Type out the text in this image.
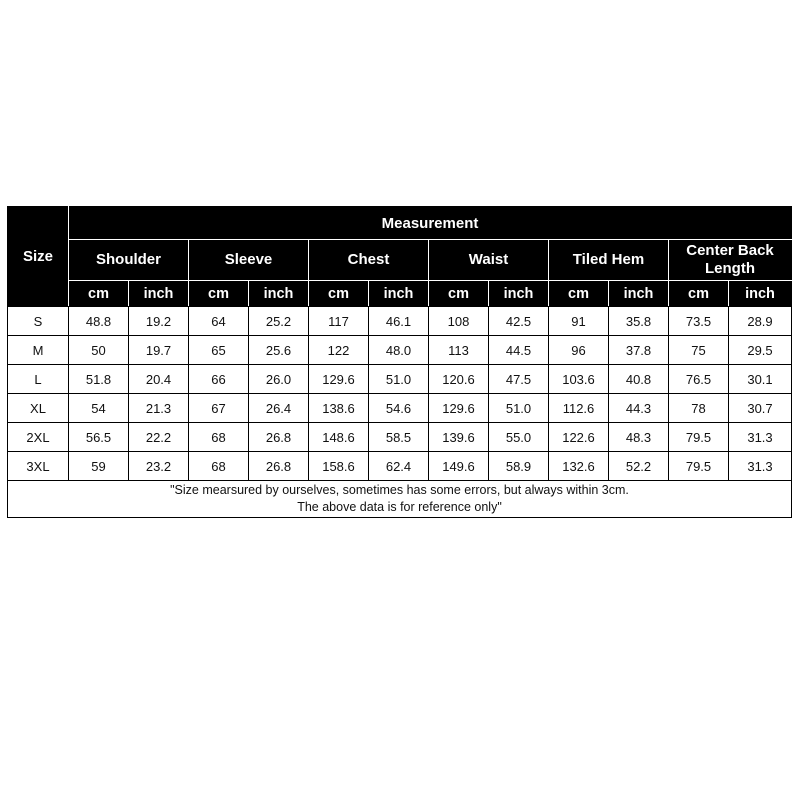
Size	Measurement											
	Shoulder		Sleeve		Chest		Waist		Tiled Hem		Center Back Length	
	cm	inch	cm	inch	cm	inch	cm	inch	cm	inch	cm	inch
S	48.8	19.2	64	25.2	117	46.1	108	42.5	91	35.8	73.5	28.9
M	50	19.7	65	25.6	122	48.0	113	44.5	96	37.8	75	29.5
L	51.8	20.4	66	26.0	129.6	51.0	120.6	47.5	103.6	40.8	76.5	30.1
XL	54	21.3	67	26.4	138.6	54.6	129.6	51.0	112.6	44.3	78	30.7
2XL	56.5	22.2	68	26.8	148.6	58.5	139.6	55.0	122.6	48.3	79.5	31.3
3XL	59	23.2	68	26.8	158.6	62.4	149.6	58.9	132.6	52.2	79.5	31.3

"Size mearsured by ourselves, sometimes has some errors, but always within 3cm.
The above data is for reference only"												
